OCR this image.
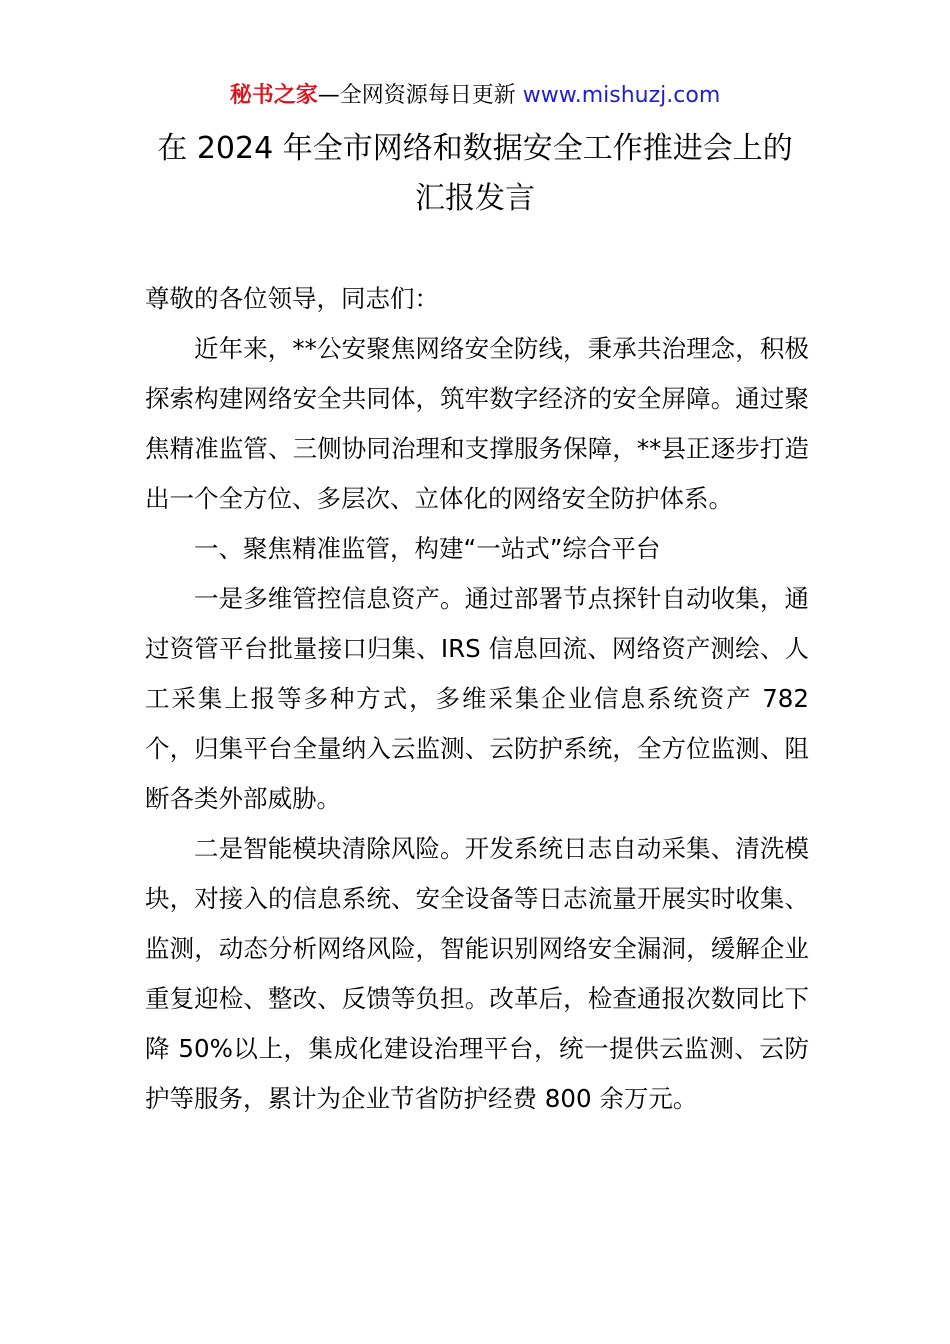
秘书之家—全网资源每日更新 www.mishuzj.com
在 2024 年全市网络和数据安全工作推进会上的
汇报发言

尊敬的各位领导，同志们：

近年来，**公安聚焦网络安全防线，秉承共治理念，积极探索构建网络安全共同体，筑牢数字经济的安全屏障。通过聚焦精准监管、三侧协同治理和支撑服务保障，**县正逐步打造出一个全方位、多层次、立体化的网络安全防护体系。

一、聚焦精准监管，构建“一站式”综合平台

一是多维管控信息资产。通过部署节点探针自动收集，通过资管平台批量接口归集、IRS 信息回流、网络资产测绘、人工采集上报等多种方式，多维采集企业信息系统资产 782 个，归集平台全量纳入云监测、云防护系统，全方位监测、阻断各类外部威胁。

二是智能模块清除风险。开发系统日志自动采集、清洗模块，对接入的信息系统、安全设备等日志流量开展实时收集、监测，动态分析网络风险，智能识别网络安全漏洞，缓解企业重复迎检、整改、反馈等负担。改革后，检查通报次数同比下降 50%以上，集成化建设治理平台，统一提供云监测、云防护等服务，累计为企业节省防护经费 800 余万元。
